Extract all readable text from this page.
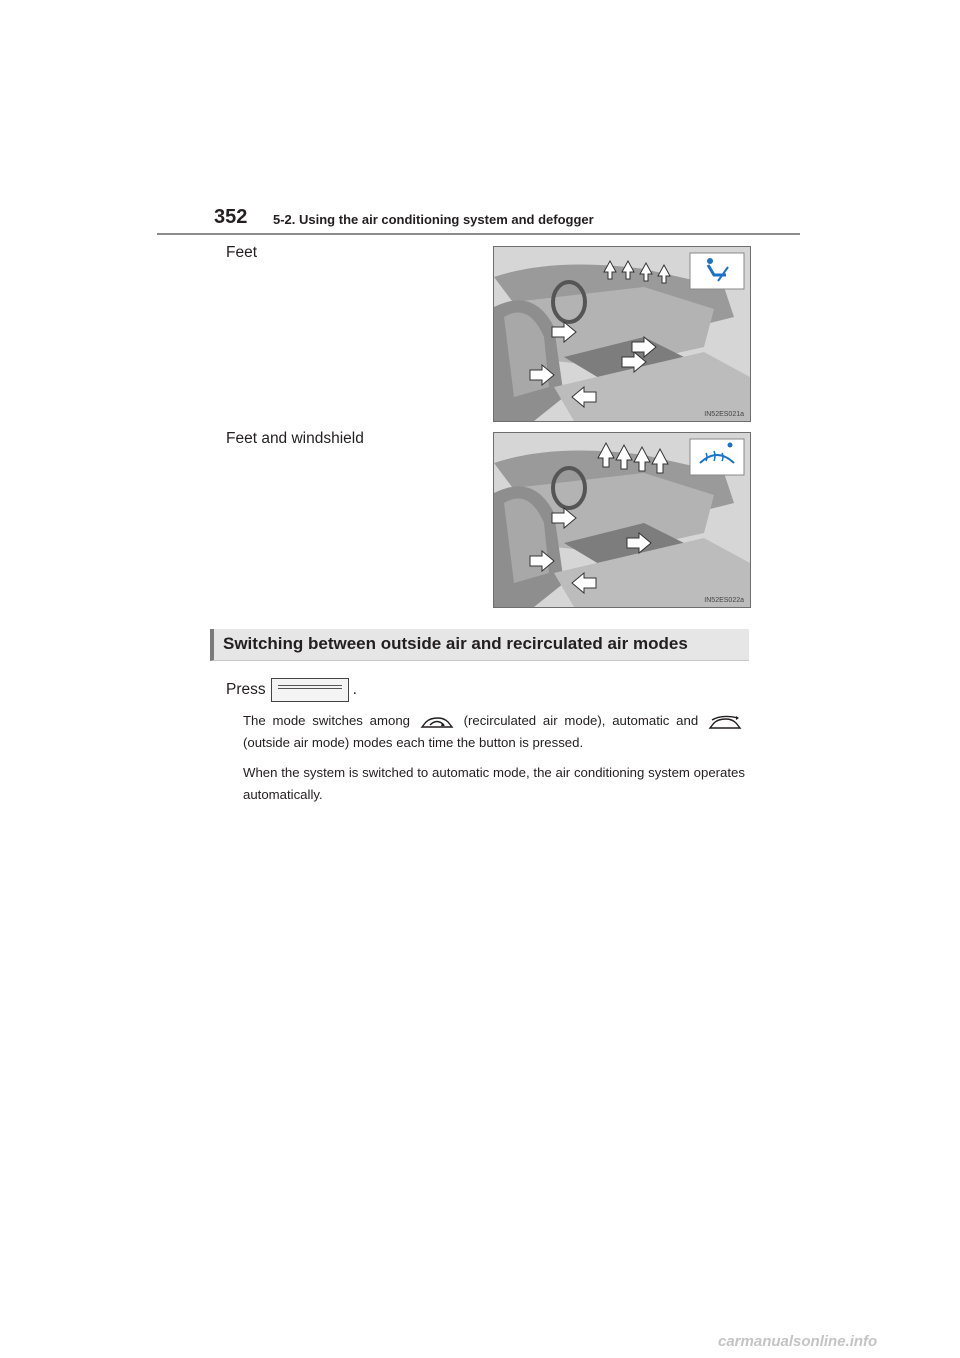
352 5-2. Using the air conditioning system and defogger
Feet
IN52ES021a
Feet and windshield
IN52ES022a
Switching between outside air and recirculated air modes
Press	.
The mode switches among	(recirculated air mode), automatic and  (outside air mode) modes each time the button is pressed.
When the system is switched to automatic mode, the air conditioning system operates automatically.
carmanualsonline.info
